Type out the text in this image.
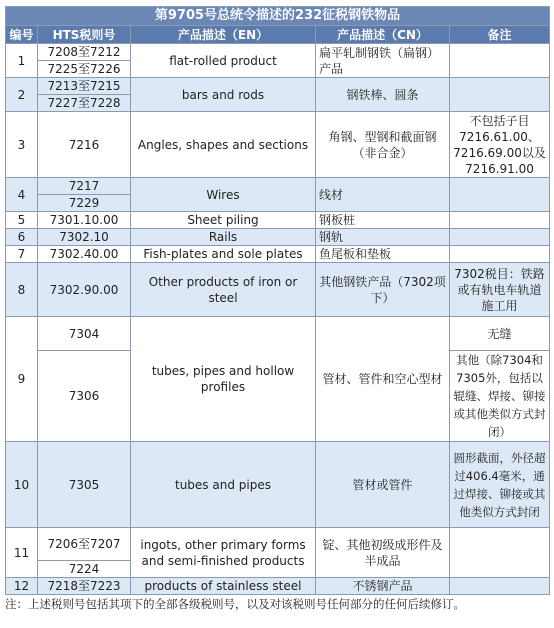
第9705号总统令描述的232征税钢铁物品				
编号	HTS税则号	产品描述（EN）	产品描述（CN）	备注
1	7208至7212	flat-rolled product	扁平轧制钢铁（扁钢）产品	
	7225至7226			
2	7213至7215	bars and rods	钢铁棒、圆条	
	7227至7228			
3	7216	Angles, shapes and sections	角钢、型钢和截面钢（非合金）	不包括子目7216.61.00、7216.69.00以及7216.91.00
4	7217	Wires	线材	
	7229			
5	7301.10.00	Sheet piling	钢板桩	
6	7302.10	Rails	钢轨	
7	7302.40.00	Fish-plates and sole plates	鱼尾板和垫板	
8	7302.90.00	Other products of iron or steel	其他钢铁产品（7302项下）	7302税目：铁路或有轨电车轨道施工用
9	7304	tubes, pipes and hollow profiles	管材、管件和空心型材	无缝
	7306			其他（除7304和7305外，包括以辊缝、焊接、铆接或其他类似方式封闭）
10	7305	tubes and pipes	管材或管件	圆形截面，外径超过406.4毫米，通过焊接、铆接或其他类似方式封闭
11	7206至7207	ingots, other primary forms and semi-finished products	锭、其他初级成形件及半成品	
	7224			
12	7218至7223	products of stainless steel	不锈钢产品	
注：上述税则号包括其项下的全部各级税则号，以及对该税则号任何部分的任何后续修订。
